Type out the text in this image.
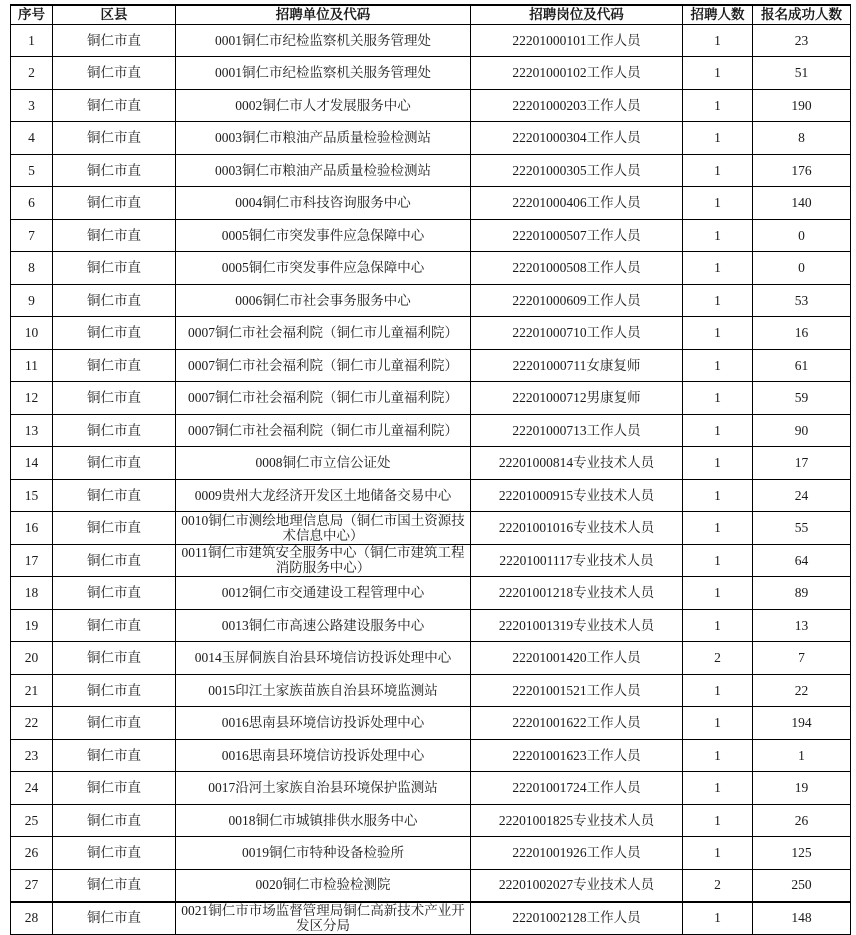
序号	区县	招聘单位及代码	招聘岗位及代码	招聘人数	报名成功人数
1	铜仁市直	0001铜仁市纪检监察机关服务管理处	22201000101工作人员	1	23
2	铜仁市直	0001铜仁市纪检监察机关服务管理处	22201000102工作人员	1	51
3	铜仁市直	0002铜仁市人才发展服务中心	22201000203工作人员	1	190
4	铜仁市直	0003铜仁市粮油产品质量检验检测站	22201000304工作人员	1	8
5	铜仁市直	0003铜仁市粮油产品质量检验检测站	22201000305工作人员	1	176
6	铜仁市直	0004铜仁市科技咨询服务中心	22201000406工作人员	1	140
7	铜仁市直	0005铜仁市突发事件应急保障中心	22201000507工作人员	1	0
8	铜仁市直	0005铜仁市突发事件应急保障中心	22201000508工作人员	1	0
9	铜仁市直	0006铜仁市社会事务服务中心	22201000609工作人员	1	53
10	铜仁市直	0007铜仁市社会福利院（铜仁市儿童福利院）	22201000710工作人员	1	16
11	铜仁市直	0007铜仁市社会福利院（铜仁市儿童福利院）	22201000711女康复师	1	61
12	铜仁市直	0007铜仁市社会福利院（铜仁市儿童福利院）	22201000712男康复师	1	59
13	铜仁市直	0007铜仁市社会福利院（铜仁市儿童福利院）	22201000713工作人员	1	90
14	铜仁市直	0008铜仁市立信公证处	22201000814专业技术人员	1	17
15	铜仁市直	0009贵州大龙经济开发区土地储备交易中心	22201000915专业技术人员	1	24
16	铜仁市直	0010铜仁市测绘地理信息局（铜仁市国土资源技术信息中心）	22201001016专业技术人员	1	55
17	铜仁市直	0011铜仁市建筑安全服务中心（铜仁市建筑工程消防服务中心）	22201001117专业技术人员	1	64
18	铜仁市直	0012铜仁市交通建设工程管理中心	22201001218专业技术人员	1	89
19	铜仁市直	0013铜仁市高速公路建设服务中心	22201001319专业技术人员	1	13
20	铜仁市直	0014玉屏侗族自治县环境信访投诉处理中心	22201001420工作人员	2	7
21	铜仁市直	0015印江土家族苗族自治县环境监测站	22201001521工作人员	1	22
22	铜仁市直	0016思南县环境信访投诉处理中心	22201001622工作人员	1	194
23	铜仁市直	0016思南县环境信访投诉处理中心	22201001623工作人员	1	1
24	铜仁市直	0017沿河土家族自治县环境保护监测站	22201001724工作人员	1	19
25	铜仁市直	0018铜仁市城镇排供水服务中心	22201001825专业技术人员	1	26
26	铜仁市直	0019铜仁市特种设备检验所	22201001926工作人员	1	125
27	铜仁市直	0020铜仁市检验检测院	22201002027专业技术人员	2	250
28	铜仁市直	0021铜仁市市场监督管理局铜仁高新技术产业开发区分局	22201002128工作人员	1	148
